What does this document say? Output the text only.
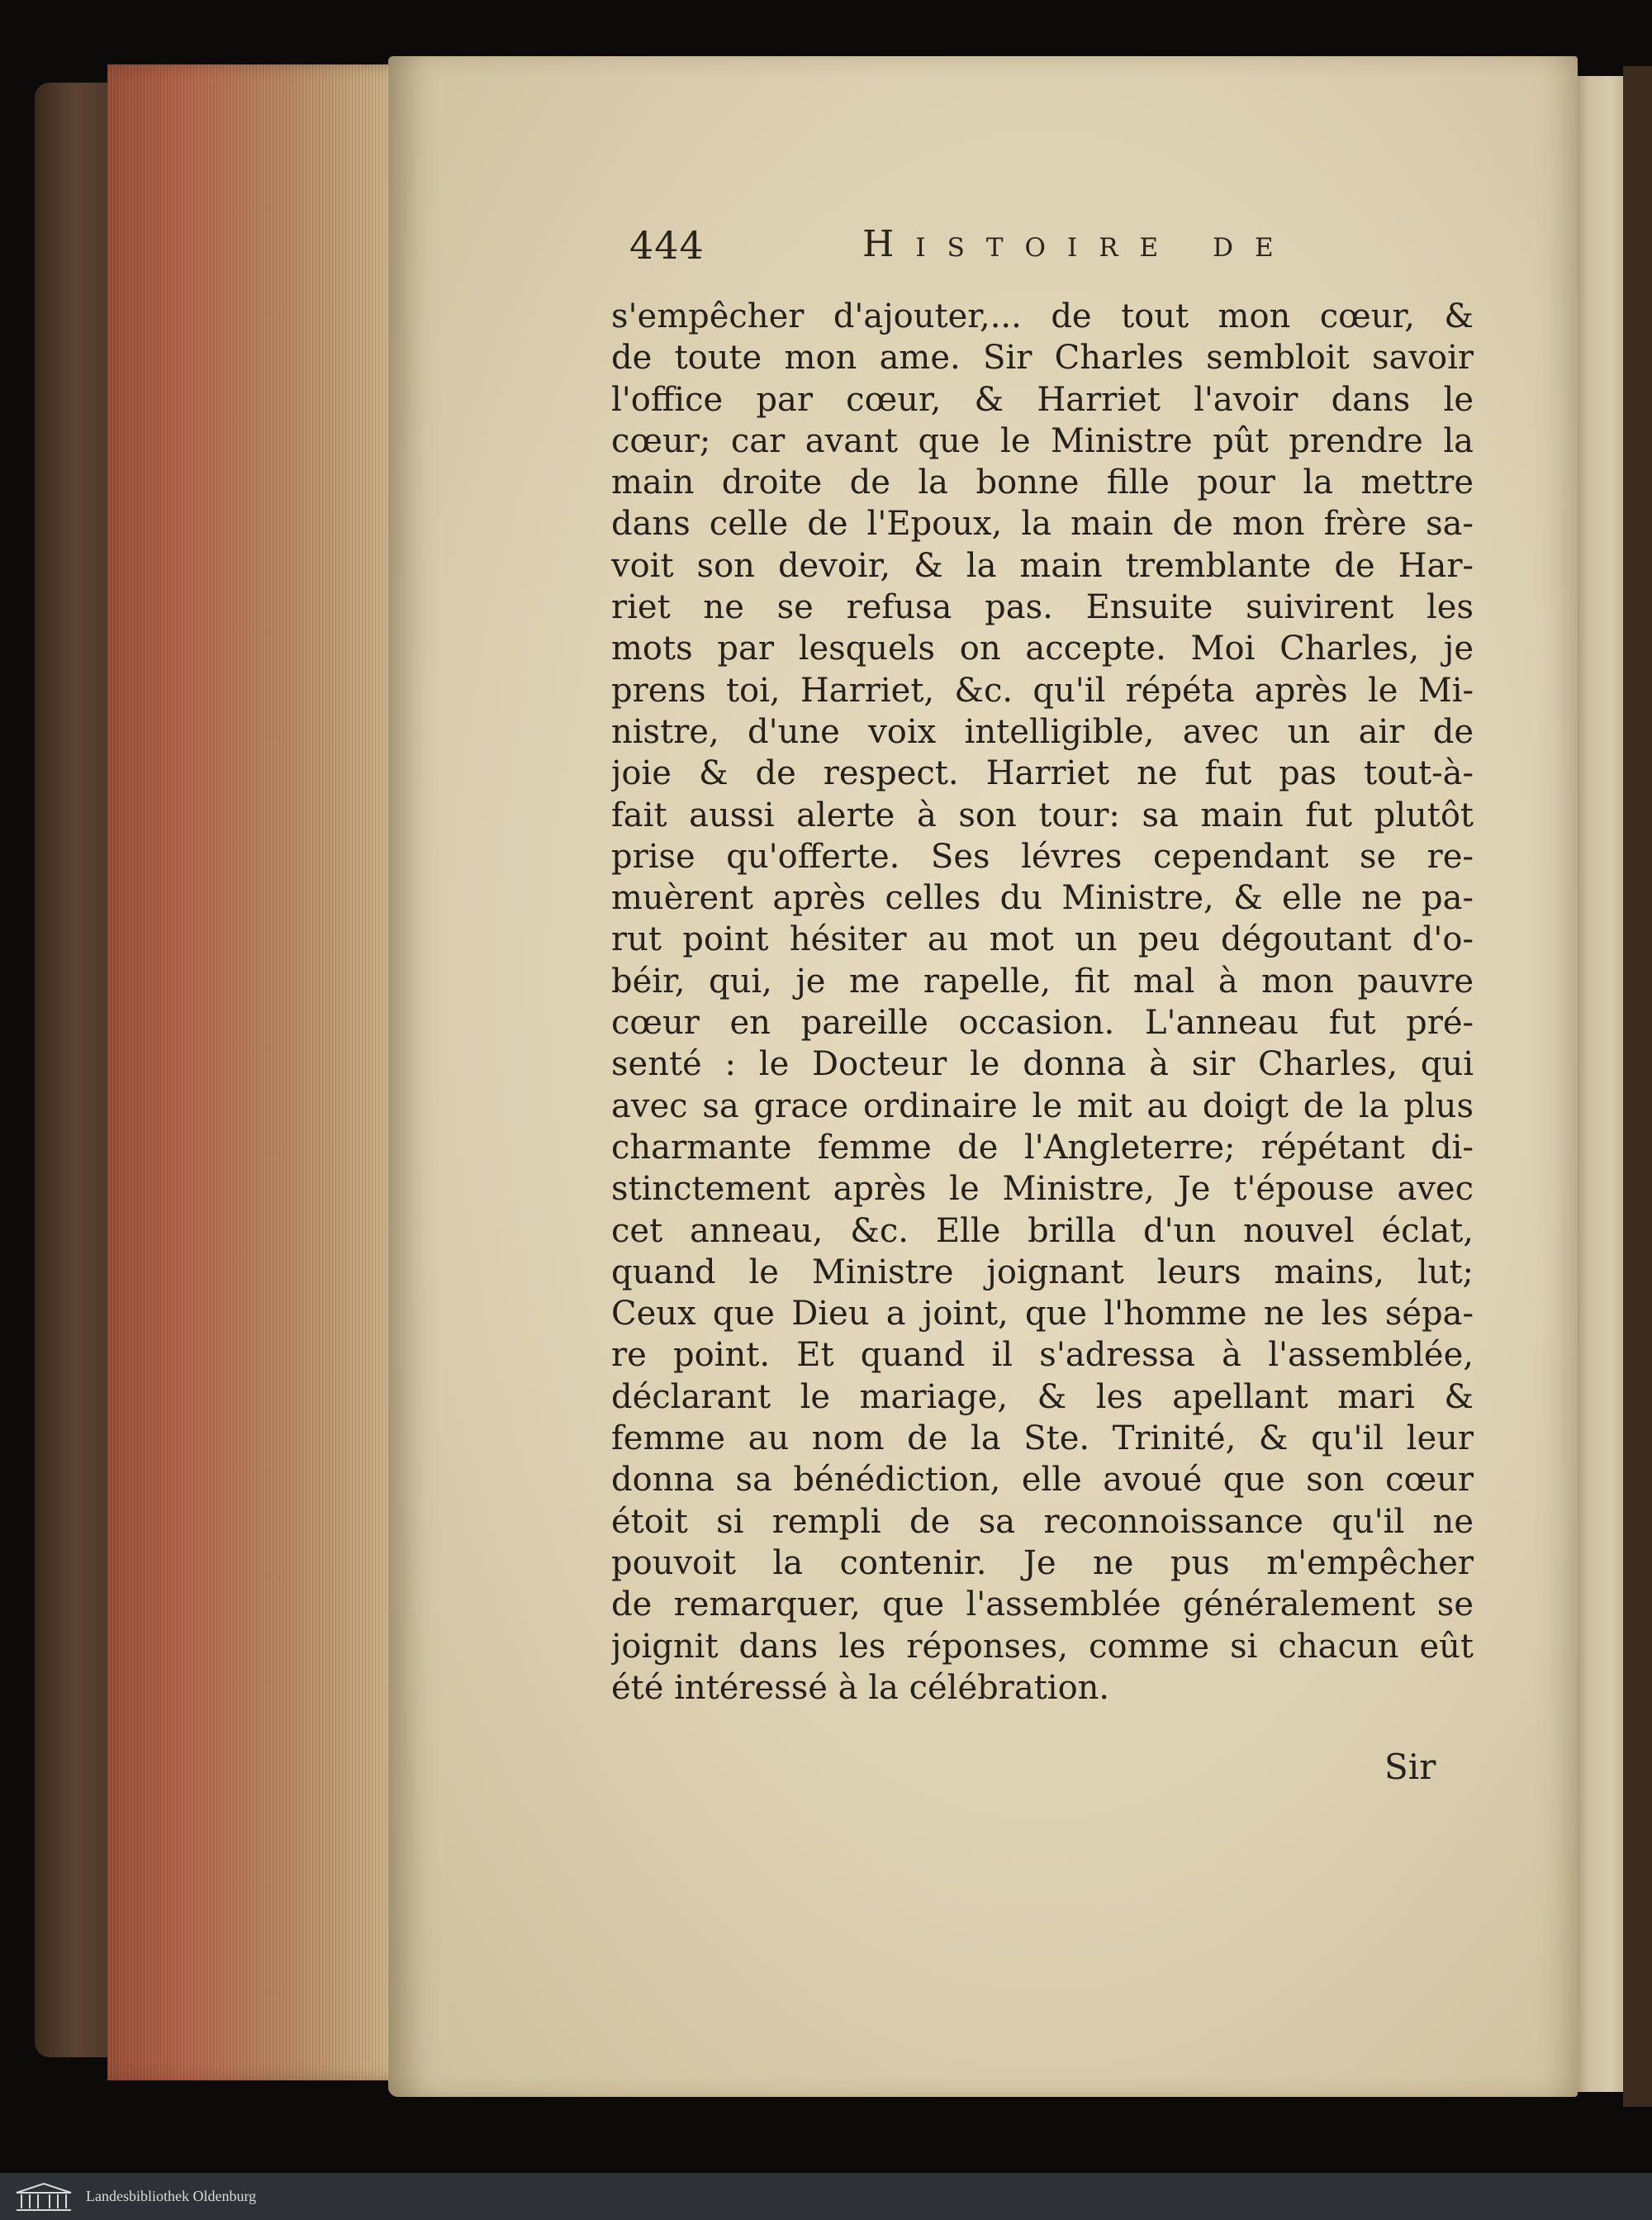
444	Histoire de
s'empêcher d'ajouter,... de tout mon cœur, &
de toute mon ame. Sir Charles sembloit savoir
l'office par cœur, & Harriet l'avoir dans le
cœur; car avant que le Ministre pût prendre la
main droite de la bonne fille pour la mettre
dans celle de l'Epoux, la main de mon frère sa-
voit son devoir, & la main tremblante de Har-
riet ne se refusa pas. Ensuite suivirent les
mots par lesquels on accepte. Moi Charles, je
prens toi, Harriet, &c. qu'il répéta après le Mi-
nistre, d'une voix intelligible, avec un air de
joie & de respect. Harriet ne fut pas tout-à-
fait aussi alerte à son tour: sa main fut plutôt
prise qu'offerte. Ses lévres cependant se re-
muèrent après celles du Ministre, & elle ne pa-
rut point hésiter au mot un peu dégoutant d'o-
béir, qui, je me rapelle, fit mal à mon pauvre
cœur en pareille occasion. L'anneau fut pré-
senté : le Docteur le donna à sir Charles, qui
avec sa grace ordinaire le mit au doigt de la plus
charmante femme de l'Angleterre; répétant di-
stinctement après le Ministre, Je t'épouse avec
cet anneau, &c. Elle brilla d'un nouvel éclat,
quand le Ministre joignant leurs mains, lut;
Ceux que Dieu a joint, que l'homme ne les sépa-
re point. Et quand il s'adressa à l'assemblée,
déclarant le mariage, & les apellant mari &
femme au nom de la Ste. Trinité, & qu'il leur
donna sa bénédiction, elle avoué que son cœur
étoit si rempli de sa reconnoissance qu'il ne
pouvoit la contenir. Je ne pus m'empêcher
de remarquer, que l'assemblée généralement se
joignit dans les réponses, comme si chacun eût
été intéressé à la célébration.
Sir
Landesbibliothek Oldenburg
